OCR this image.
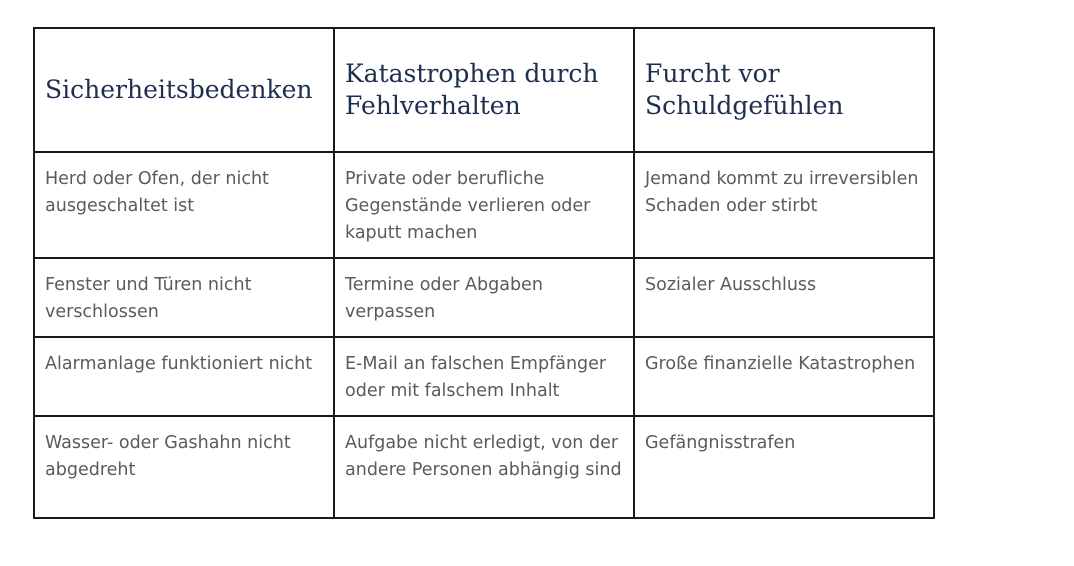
Sicherheitsbedenken	Katastrophen durch Fehlverhalten	Furcht vor Schuldgefühlen
Herd oder Ofen, der nicht ausgeschaltet ist	Private oder berufliche Gegenstände verlieren oder kaputt machen	Jemand kommt zu irreversiblen Schaden oder stirbt
Fenster und Türen nicht verschlossen	Termine oder Abgaben verpassen	Sozialer Ausschluss
Alarmanlage funktioniert nicht	E-Mail an falschen Empfänger oder mit falschem Inhalt	Große finanzielle Katastrophen
Wasser- oder Gashahn nicht abgedreht	Aufgabe nicht erledigt, von der andere Personen abhängig sind	Gefängnisstrafen
